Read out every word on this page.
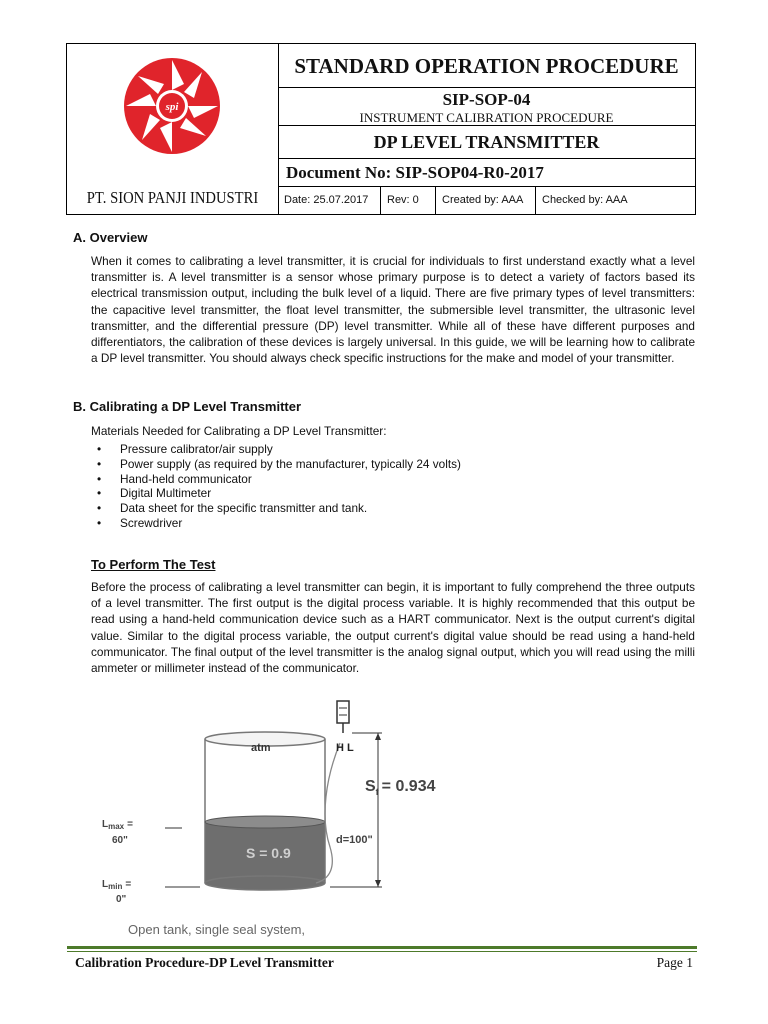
spi
PT. SION PANJI INDUSTRI
STANDARD OPERATION PROCEDURE
SIP-SOP-04
INSTRUMENT CALIBRATION PROCEDURE
DP LEVEL TRANSMITTER
Document No: SIP-SOP04-R0-2017
Date: 25.07.2017	Rev: 0	Created by: AAA	Checked by: AAA
A. Overview

When it comes to calibrating a level transmitter, it is crucial for individuals to first understand exactly what a level transmitter is. A level transmitter is a sensor whose primary purpose is to detect a variety of factors based its electrical transmission output, including the bulk level of a liquid. There are five primary types of level transmitters: the capacitive level transmitter, the float level transmitter, the submersible level transmitter, the ultrasonic level transmitter, and the differential pressure (DP) level transmitter. While all of these have different purposes and differentiators, the calibration of these devices is largely universal. In this guide, we will be learning how to calibrate a DP level transmitter. You should always check specific instructions for the make and model of your transmitter.

B. Calibrating a DP Level Transmitter

Materials Needed for Calibrating a DP Level Transmitter:

• Pressure calibrator/air supply
• Power supply (as required by the manufacturer, typically 24 volts)
• Hand-held communicator
• Digital Multimeter
• Data sheet for the specific transmitter and tank.
• Screwdriver
To Perform The Test

Before the process of calibrating a level transmitter can begin, it is important to fully comprehend the three outputs of a level transmitter. The first output is the digital process variable. It is highly recommended that this output be read using a hand-held communication device such as a HART communicator. Next is the output current's digital value. Similar to the digital process variable, the output current's digital value should be read using a hand-held communicator. The final output of the level transmitter is the analog signal output, which you will read using the milli ammeter or millimeter instead of the communicator.

atm	H L
$S_f = 0.934$
S = 0.9
d=100"
$L_{max}$ =
60"
$L_{min}$ =
0"
Open tank, single seal system,
Calibration Procedure-DP Level Transmitter	Page 1
